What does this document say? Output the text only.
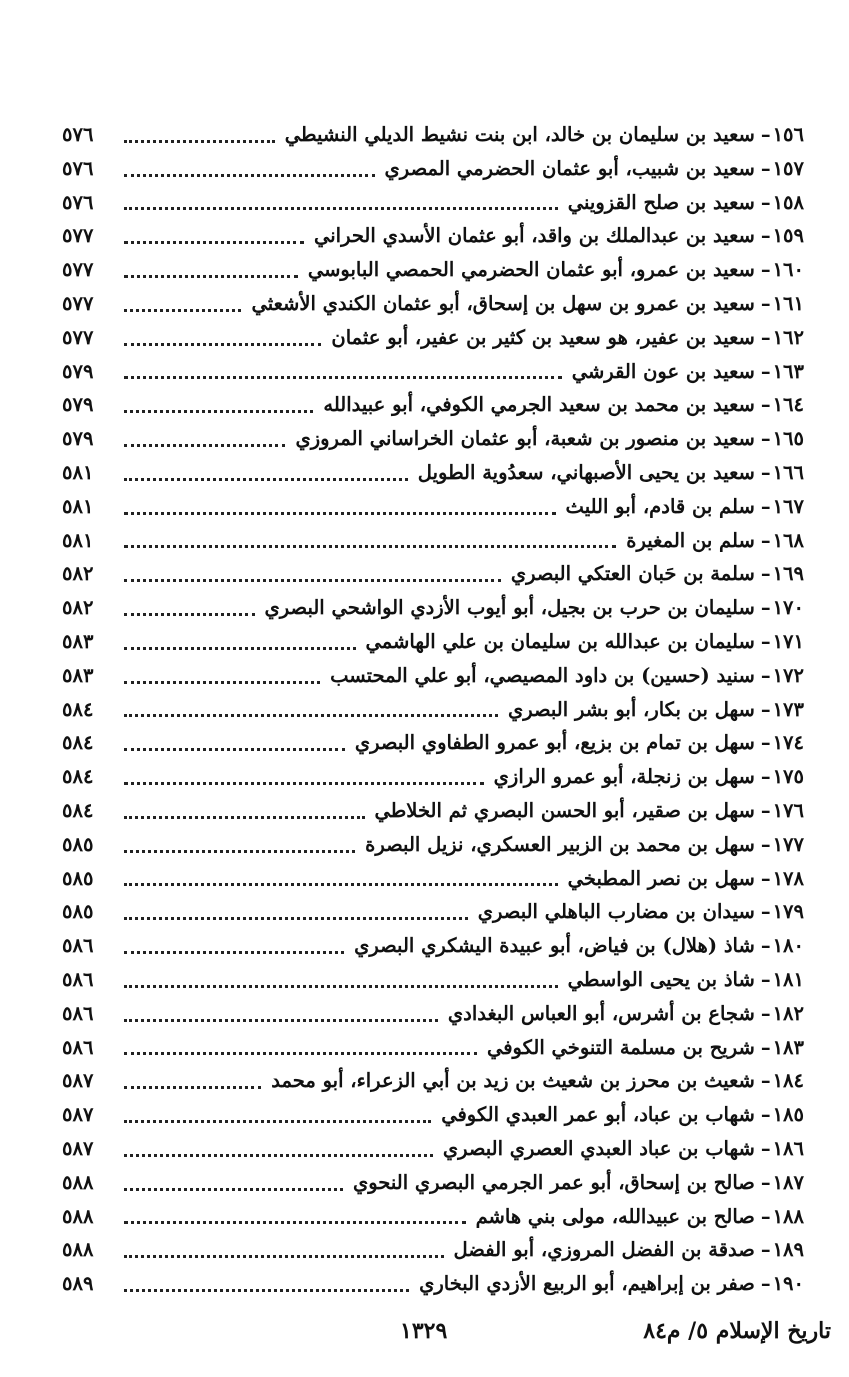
١٥٦
–
سعيد بن سليمان بن خالد، ابن بنت نشيط الديلي النشيطي
٥٧٦
١٥٧
–
سعيد بن شبيب، أبو عثمان الحضرمي المصري
٥٧٦
١٥٨
–
سعيد بن صلح القزويني
٥٧٦
١٥٩
–
سعيد بن عبدالملك بن واقد، أبو عثمان الأسدي الحراني
٥٧٧
١٦٠
–
سعيد بن عمرو، أبو عثمان الحضرمي الحمصي البابوسي
٥٧٧
١٦١
–
سعيد بن عمرو بن سهل بن إسحاق، أبو عثمان الكندي الأشعثي
٥٧٧
١٦٢
–
سعيد بن عفير، هو سعيد بن كثير بن عفير، أبو عثمان
٥٧٧
١٦٣
–
سعيد بن عون القرشي
٥٧٩
١٦٤
–
سعيد بن محمد بن سعيد الجرمي الكوفي، أبو عبيدالله
٥٧٩
١٦٥
–
سعيد بن منصور بن شعبة، أبو عثمان الخراساني المروزي
٥٧٩
١٦٦
–
سعيد بن يحيى الأصبهاني، سعدُوية الطويل
٥٨١
١٦٧
–
سلم بن قادم، أبو الليث
٥٨١
١٦٨
–
سلم بن المغيرة
٥٨١
١٦٩
–
سلمة بن حَبان العتكي البصري
٥٨٢
١٧٠
–
سليمان بن حرب بن بجيل، أبو أيوب الأزدي الواشحي البصري
٥٨٢
١٧١
–
سليمان بن عبدالله بن سليمان بن علي الهاشمي
٥٨٣
١٧٢
–
سنيد (حسين) بن داود المصيصي، أبو علي المحتسب
٥٨٣
١٧٣
–
سهل بن بكار، أبو بشر البصري
٥٨٤
١٧٤
–
سهل بن تمام بن بزيع، أبو عمرو الطفاوي البصري
٥٨٤
١٧٥
–
سهل بن زنجلة، أبو عمرو الرازي
٥٨٤
١٧٦
–
سهل بن صقير، أبو الحسن البصري ثم الخلاطي
٥٨٤
١٧٧
–
سهل بن محمد بن الزبير العسكري، نزيل البصرة
٥٨٥
١٧٨
–
سهل بن نصر المطبخي
٥٨٥
١٧٩
–
سيدان بن مضارب الباهلي البصري
٥٨٥
١٨٠
–
شاذ (هلال) بن فياض، أبو عبيدة اليشكري البصري
٥٨٦
١٨١
–
شاذ بن يحيى الواسطي
٥٨٦
١٨٢
–
شجاع بن أشرس، أبو العباس البغدادي
٥٨٦
١٨٣
–
شريح بن مسلمة التنوخي الكوفي
٥٨٦
١٨٤
–
شعيث بن محرز بن شعيث بن زيد بن أبي الزعراء، أبو محمد
٥٨٧
١٨٥
–
شهاب بن عباد، أبو عمر العبدي الكوفي
٥٨٧
١٨٦
–
شهاب بن عباد العبدي العصري البصري
٥٨٧
١٨٧
–
صالح بن إسحاق، أبو عمر الجرمي البصري النحوي
٥٨٨
١٨٨
–
صالح بن عبيدالله، مولى بني هاشم
٥٨٨
١٨٩
–
صدقة بن الفضل المروزي، أبو الفضل
٥٨٨
١٩٠
–
صفر بن إبراهيم، أبو الربيع الأزدي البخاري
٥٨٩
تاريخ الإسلام ٥/ م٨٤
١٣٢٩
